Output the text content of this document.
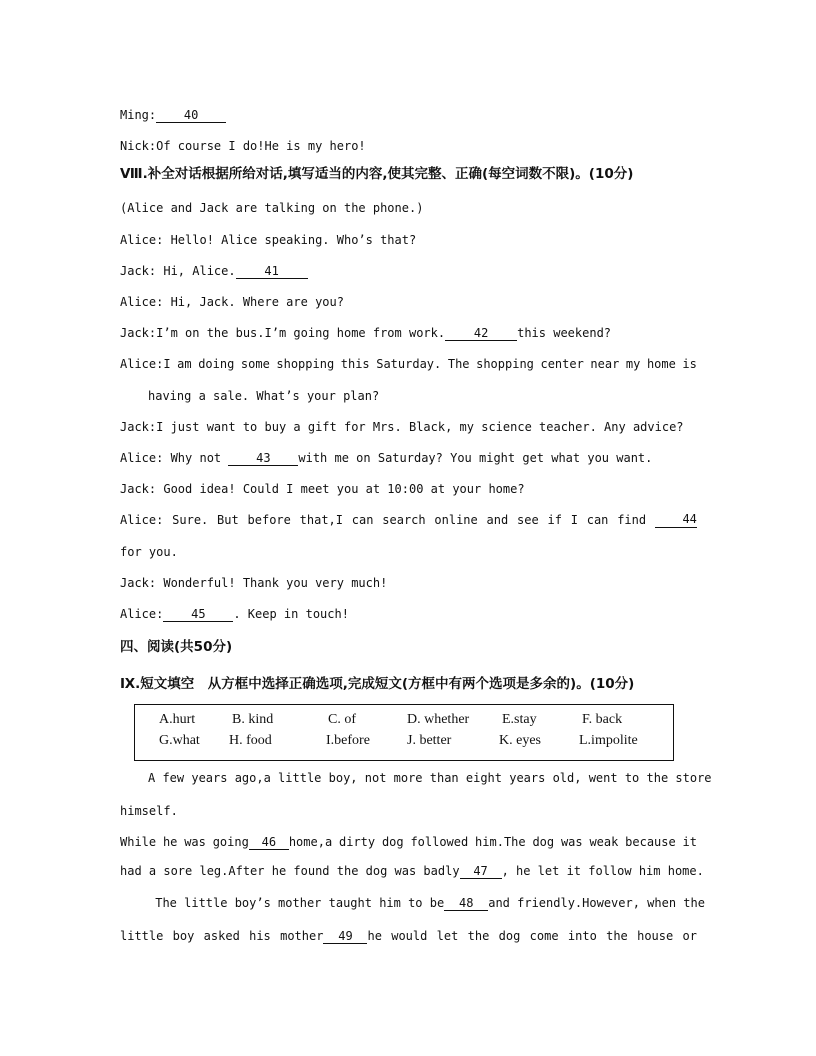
Ming: 40
Nick:Of course I do!He is my hero!
Ⅷ.补全对话根据所给对话,填写适当的内容,使其完整、正确(每空词数不限)。(10分)
(Alice and Jack are talking on the phone.)
Alice: Hello! Alice speaking. Who’s that?
Jack: Hi, Alice. 41
Alice: Hi, Jack. Where are you?
Jack:I’m on the bus.I’m going home from work. 42 this weekend?
Alice:I am doing some shopping this Saturday. The shopping center near my home is
having a sale. What’s your plan?
Jack:I just want to buy a gift for Mrs. Black, my science teacher. Any advice?
Alice: Why not 43 with me on Saturday? You might get what you want.
Jack: Good idea! Could I meet you at 10:00 at your home?
Alice: Sure. But before that,I can search online and see if I can find	44
for you.
Jack: Wonderful! Thank you very much!
Alice: 45 . Keep in touch!
四、阅读(共50分)
Ⅸ.短文填空　从方框中选择正确选项,完成短文(方框中有两个选项是多余的)。(10分)
A.hurt	B. kind	C. of	D. whether E.stay	F. back
G.what H. food	I.before	J. better	K. eyes	L.impolite
A few years ago,a little boy, not more than eight years old, went to the store
himself.
While he was going 46 home,a dirty dog followed him.The dog was weak because it
had a sore leg.After he found the dog was badly 47 , he let it follow him home.
The little boy’s mother taught him to be 48 and friendly.However, when the
little boy asked his mother 49 he would let the dog come into the house or
